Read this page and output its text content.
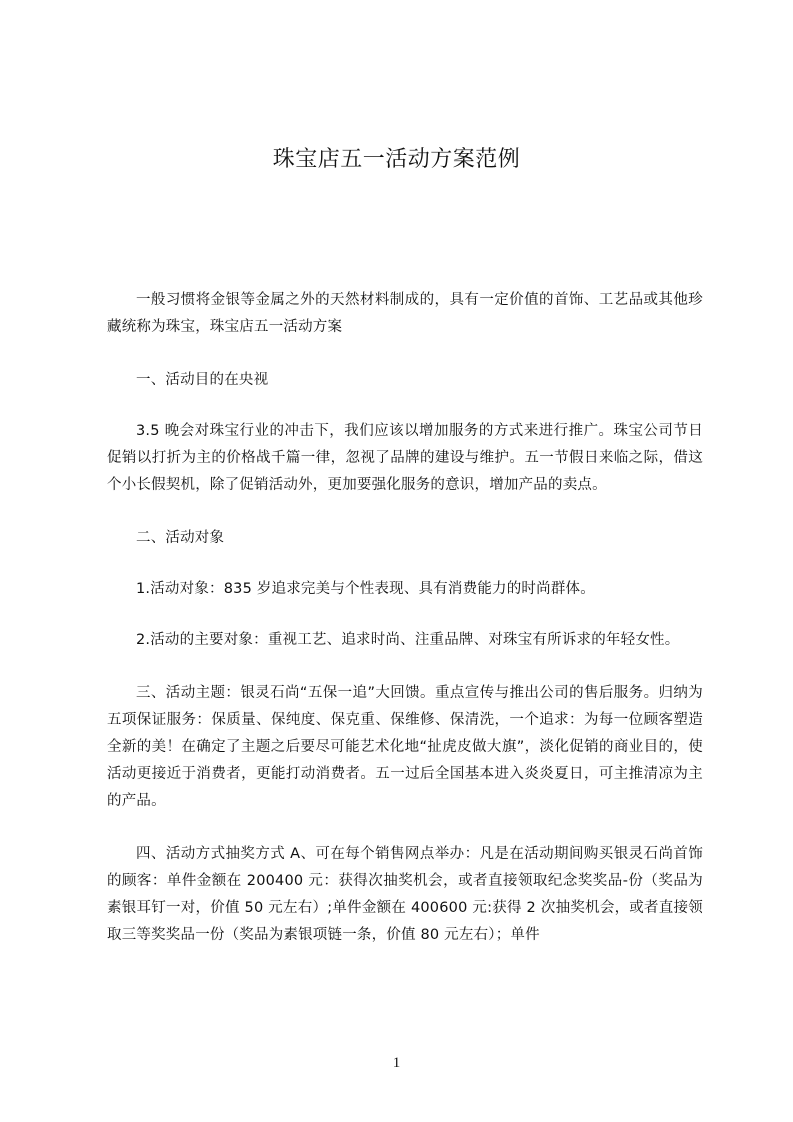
珠宝店五一活动方案范例

一般习惯将金银等金属之外的天然材料制成的，具有一定价值的首饰、工艺品或其他珍藏统称为珠宝，珠宝店五一活动方案

一、活动目的在央视

3.5 晚会对珠宝行业的冲击下，我们应该以增加服务的方式来进行推广。珠宝公司节日促销以打折为主的价格战千篇一律，忽视了品牌的建设与维护。五一节假日来临之际，借这个小长假契机，除了促销活动外，更加要强化服务的意识，增加产品的卖点。

二、活动对象

1.活动对象：835 岁追求完美与个性表现、具有消费能力的时尚群体。

2.活动的主要对象：重视工艺、追求时尚、注重品牌、对珠宝有所诉求的年轻女性。

三、活动主题：银灵石尚“五保一追”大回馈。重点宣传与推出公司的售后服务。归纳为五项保证服务：保质量、保纯度、保克重、保维修、保清洗，一个追求：为每一位顾客塑造全新的美！在确定了主题之后要尽可能艺术化地“扯虎皮做大旗”，淡化促销的商业目的，使活动更接近于消费者，更能打动消费者。五一过后全国基本进入炎炎夏日，可主推清凉为主的产品。

四、活动方式抽奖方式 A、可在每个销售网点举办：凡是在活动期间购买银灵石尚首饰的顾客：单件金额在 200400 元：获得次抽奖机会，或者直接领取纪念奖奖品-份（奖品为素银耳钉一对，价值 50 元左右）;单件金额在 400600 元:获得 2 次抽奖机会，或者直接领取三等奖奖品一份（奖品为素银项链一条，价值 80 元左右）；单件

1
